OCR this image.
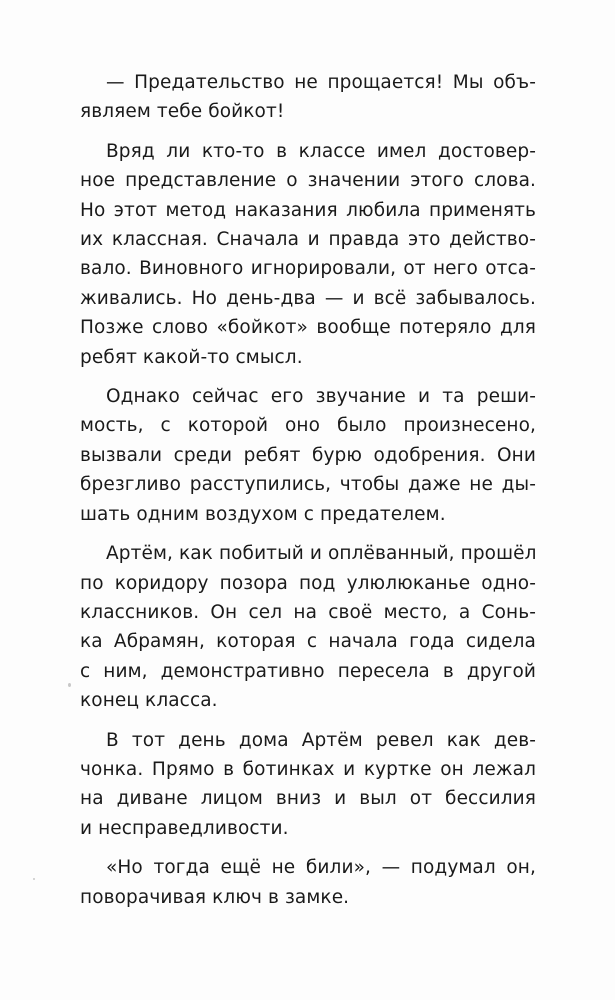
— Предательство не прощается! Мы объ-
являем тебе бойкот!
Вряд ли кто-то в классе имел достовер-
ное представление о значении этого слова.
Но этот метод наказания любила применять
их классная. Сначала и правда это действо-
вало. Виновного игнорировали, от него отса-
живались. Но день-два — и всё забывалось.
Позже слово «бойкот» вообще потеряло для
ребят какой-то смысл.
Однако сейчас его звучание и та реши-
мость, с которой оно было произнесено,
вызвали среди ребят бурю одобрения. Они
брезгливо расступились, чтобы даже не ды-
шать одним воздухом с предателем.
Артём, как побитый и оплёванный, прошёл
по коридору позора под улюлюканье одно-
классников. Он сел на своё место, а Сонь-
ка Абрамян, которая с начала года сидела
с ним, демонстративно пересела в другой
конец класса.
В тот день дома Артём ревел как дев-
чонка. Прямо в ботинках и куртке он лежал
на диване лицом вниз и выл от бессилия
и несправедливости.
«Но тогда ещё не били», — подумал он,
поворачивая ключ в замке.
